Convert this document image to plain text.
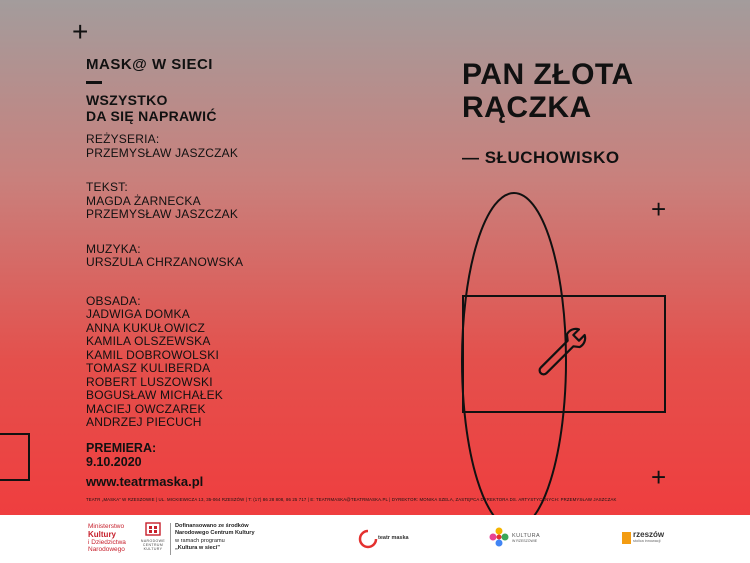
+
+
+
MASK@ W SIECI
WSZYSTKO
DA SIĘ NAPRAWIĆ
REŻYSERIA:
PRZEMYSŁAW JASZCZAK
TEKST:
MAGDA ŻARNECKA
PRZEMYSŁAW JASZCZAK
MUZYKA:
URSZULA CHRZANOWSKA
OBSADA:
JADWIGA DOMKA
ANNA KUKUŁOWICZ
KAMILA OLSZEWSKA
KAMIL DOBROWOLSKI
TOMASZ KULIBERDA
ROBERT LUSZOWSKI
BOGUSŁAW MICHAŁEK
MACIEJ OWCZAREK
ANDRZEJ PIECUCH
PREMIERA:
9.10.2020
www.teatrmaska.pl
TEATR „MASKA” W RZESZOWIE | UL. MICKIEWICZA 13, 35-064 RZESZÓW | T: (17) 86 28 808, 86 25 717 | E: TEATRMASKA@TEATRMASKA.PL | DYREKTOR: MONIKA SZELA, ZASTĘPCA DYREKTORA DS. ARTYSTYCZNYCH: PRZEMYSŁAW JASZCZAK
PAN ZŁOTA
RĄCZKA
— SŁUCHOWISKO
Ministerstwo
Kultury
i Dziedzictwa
Narodowego
NARODOWE
CENTRUM
KULTURY
Dofinansowano ze środków
Narodowego Centrum Kultury
w ramach programu
„Kultura w sieci”
teatr maska	KULTURA
W RZESZOWIE
rzeszów
stolica innowacji
